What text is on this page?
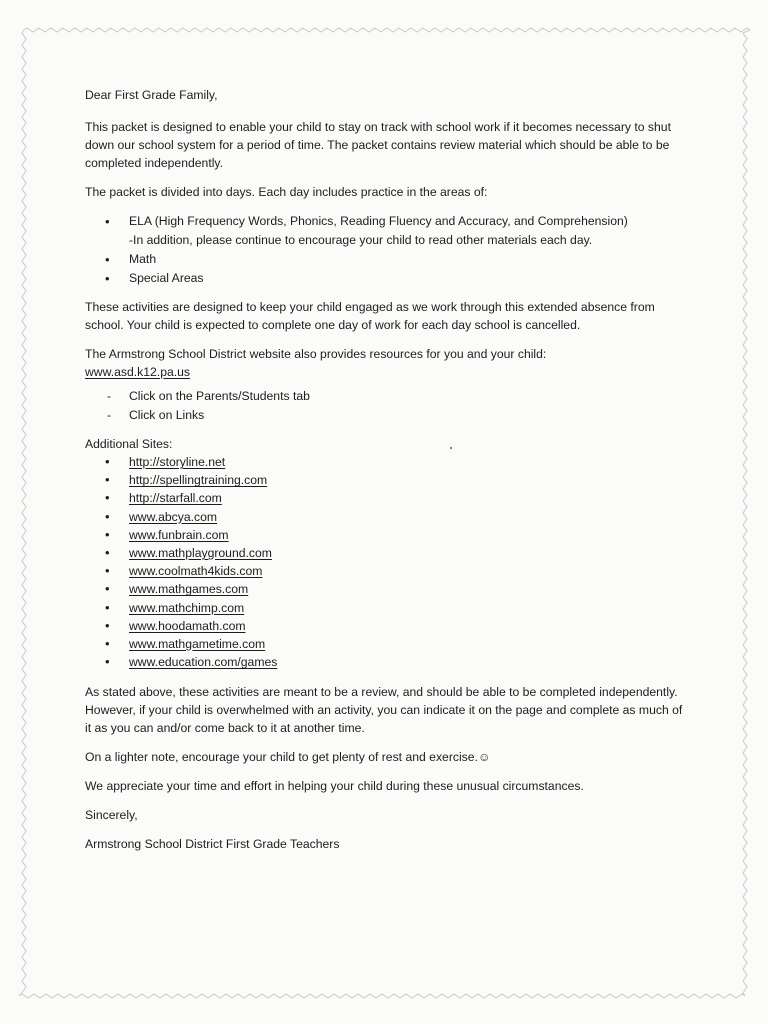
Dear First Grade Family,

This packet is designed to enable your child to stay on track with school work if it becomes necessary to shut down our school system for a period of time. The packet contains review material which should be able to be completed independently.

The packet is divided into days. Each day includes practice in the areas of:

• ELA (High Frequency Words, Phonics, Reading Fluency and Accuracy, and Comprehension)
-In addition, please continue to encourage your child to read other materials each day.
• Math
• Special Areas

These activities are designed to keep your child engaged as we work through this extended absence from school. Your child is expected to complete one day of work for each day school is cancelled.

The Armstrong School District website also provides resources for you and your child:

www.asd.k12.pa.us

- Click on the Parents/Students tab
- Click on Links

Additional Sites:

• http://storyline.net
• http://spellingtraining.com
• http://starfall.com
• www.abcya.com
• www.funbrain.com
• www.mathplayground.com
• www.coolmath4kids.com
• www.mathgames.com
• www.mathchimp.com
• www.hoodamath.com
• www.mathgametime.com
• www.education.com/games

As stated above, these activities are meant to be a review, and should be able to be completed independently. However, if your child is overwhelmed with an activity, you can indicate it on the page and complete as much of it as you can and/or come back to it at another time.

On a lighter note, encourage your child to get plenty of rest and exercise.☺

We appreciate your time and effort in helping your child during these unusual circumstances.

Sincerely,

Armstrong School District First Grade Teachers
